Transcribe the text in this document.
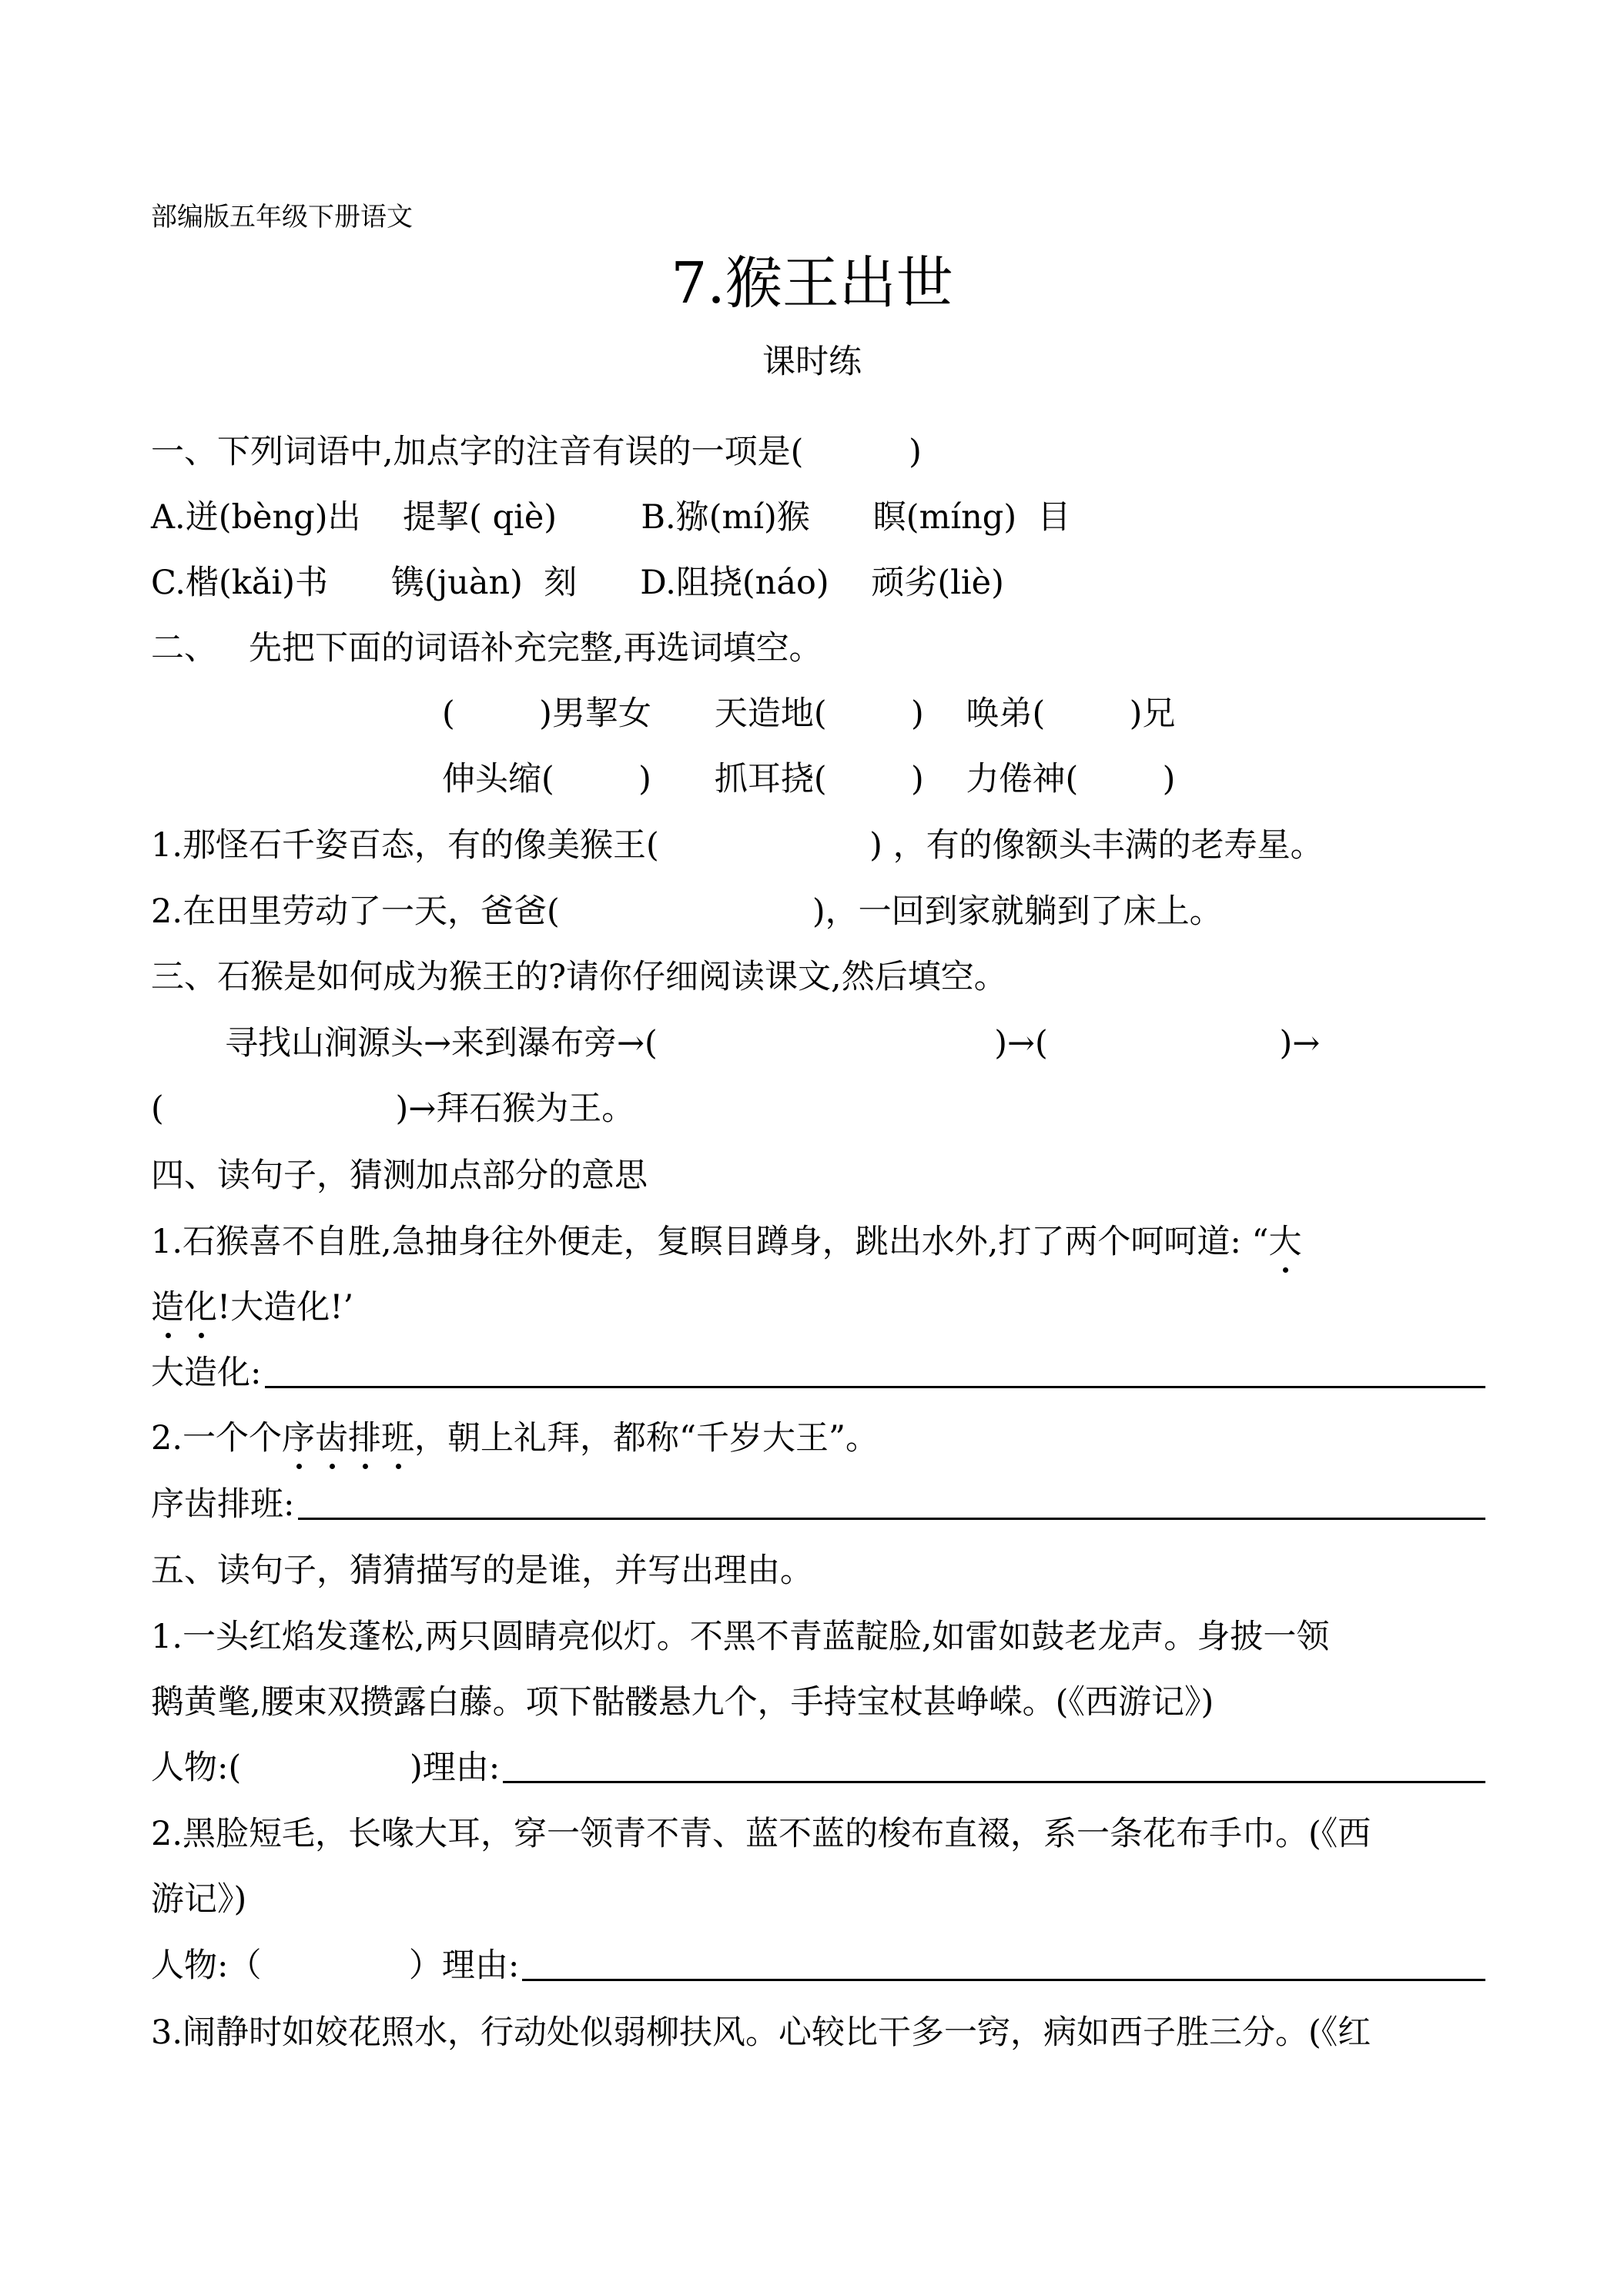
部编版五年级下册语文
7.猴王出世
课时练
一、下列词语中,加点字的注音有误的一项是(          )
A.迸(bèng)出    提挈( qiè)        B.猕(mí)猴      瞑(míng)  目
C.楷(kǎi)书      镌(juàn)  刻      D.阻挠(náo)    顽劣(liè)
二、   先把下面的词语补充完整,再选词填空。
(        )男挈女      天造地(        )    唤弟(        )兄
伸头缩(        )      抓耳挠(        )    力倦神(        )
1.那怪石千姿百态，有的像美猴王(                    ) ，有的像额头丰满的老寿星。
2.在田里劳动了一天，爸爸(                        )，一回到家就躺到了床上。
三、石猴是如何成为猴王的?请你仔细阅读课文,然后填空。
寻找山涧源头→来到瀑布旁→(                                )→(                      )→
(                      )→拜石猴为王。
四、读句子，猜测加点部分的意思
1.石猴喜不自胜,急抽身往外便走，复瞑目蹲身，跳出水外,打了两个呵呵道: “大
造化!大造化!’
大造化:
2.一个个序齿排班，朝上礼拜，都称“千岁大王”。
序齿排班:
五、读句子，猜猜描写的是谁，并写出理由。
1.一头红焰发蓬松,两只圆睛亮似灯。不黑不青蓝靛脸,如雷如鼓老龙声。身披一领
鹅黄氅,腰束双攒露白藤。项下骷髅悬九个，手持宝杖甚峥嵘。(《西游记》)
人物:(                )理由:
2.黑脸短毛，长喙大耳，穿一领青不青、蓝不蓝的梭布直裰，系一条花布手巾。(《西
游记》)
人物:（              ）理由:
3.闹静时如姣花照水，行动处似弱柳扶风。心较比干多一窍，病如西子胜三分。(《红
